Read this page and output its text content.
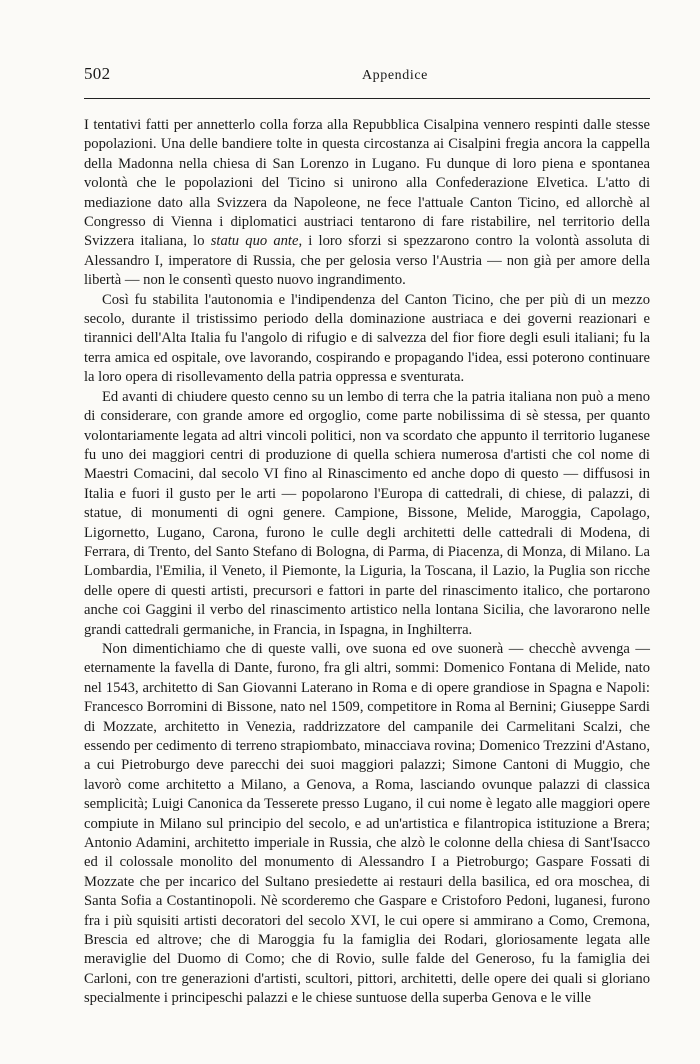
502	Appendice

I tentativi fatti per annetterlo colla forza alla Repubblica Cisalpina vennero respinti dalle stesse popolazioni. Una delle bandiere tolte in questa circostanza ai Cisalpini fregia ancora la cappella della Madonna nella chiesa di San Lorenzo in Lugano. Fu dunque di loro piena e spontanea volontà che le popolazioni del Ticino si unirono alla Confederazione Elvetica. L'atto di mediazione dato alla Svizzera da Napoleone, ne fece l'attuale Canton Ticino, ed allorchè al Congresso di Vienna i diplomatici austriaci tentarono di fare ristabilire, nel territorio della Svizzera italiana, lo statu quo ante, i loro sforzi si spezzarono contro la volontà assoluta di Alessandro I, imperatore di Russia, che per gelosia verso l'Austria — non già per amore della libertà — non le consentì questo nuovo ingrandimento.

Così fu stabilita l'autonomia e l'indipendenza del Canton Ticino, che per più di un mezzo secolo, durante il tristissimo periodo della dominazione austriaca e dei governi reazionari e tirannici dell'Alta Italia fu l'angolo di rifugio e di salvezza del fior fiore degli esuli italiani; fu la terra amica ed ospitale, ove lavorando, cospirando e propagando l'idea, essi poterono continuare la loro opera di risollevamento della patria oppressa e sventurata.

Ed avanti di chiudere questo cenno su un lembo di terra che la patria italiana non può a meno di considerare, con grande amore ed orgoglio, come parte nobilissima di sè stessa, per quanto volontariamente legata ad altri vincoli politici, non va scordato che appunto il territorio luganese fu uno dei maggiori centri di produzione di quella schiera numerosa d'artisti che col nome di Maestri Comacini, dal secolo VI fino al Rinascimento ed anche dopo di questo — diffusosi in Italia e fuori il gusto per le arti — popolarono l'Europa di cattedrali, di chiese, di palazzi, di statue, di monumenti di ogni genere. Campione, Bissone, Melide, Maroggia, Capolago, Ligornetto, Lugano, Carona, furono le culle degli architetti delle cattedrali di Modena, di Ferrara, di Trento, del Santo Stefano di Bologna, di Parma, di Piacenza, di Monza, di Milano. La Lombardia, l'Emilia, il Veneto, il Piemonte, la Liguria, la Toscana, il Lazio, la Puglia son ricche delle opere di questi artisti, precursori e fattori in parte del rinascimento italico, che portarono anche coi Gaggini il verbo del rinascimento artistico nella lontana Sicilia, che lavorarono nelle grandi cattedrali germaniche, in Francia, in Ispagna, in Inghilterra.

Non dimentichiamo che di queste valli, ove suona ed ove suonerà — checchè avvenga — eternamente la favella di Dante, furono, fra gli altri, sommi: Domenico Fontana di Melide, nato nel 1543, architetto di San Giovanni Laterano in Roma e di opere grandiose in Spagna e Napoli: Francesco Borromini di Bissone, nato nel 1509, competitore in Roma al Bernini; Giuseppe Sardi di Mozzate, architetto in Venezia, raddrizzatore del campanile dei Carmelitani Scalzi, che essendo per cedimento di terreno strapiombato, minacciava rovina; Domenico Trezzini d'Astano, a cui Pietroburgo deve parecchi dei suoi maggiori palazzi; Simone Cantoni di Muggio, che lavorò come architetto a Milano, a Genova, a Roma, lasciando ovunque palazzi di classica semplicità; Luigi Canonica da Tesserete presso Lugano, il cui nome è legato alle maggiori opere compiute in Milano sul principio del secolo, e ad un'artistica e filantropica istituzione a Brera; Antonio Adamini, architetto imperiale in Russia, che alzò le colonne della chiesa di Sant'Isacco ed il colossale monolito del monumento di Alessandro I a Pietroburgo; Gaspare Fossati di Mozzate che per incarico del Sultano presiedette ai restauri della basilica, ed ora moschea, di Santa Sofia a Costantinopoli. Nè scorderemo che Gaspare e Cristoforo Pedoni, luganesi, furono fra i più squisiti artisti decoratori del secolo XVI, le cui opere si ammirano a Como, Cremona, Brescia ed altrove; che di Maroggia fu la famiglia dei Rodari, gloriosamente legata alle meraviglie del Duomo di Como; che di Rovio, sulle falde del Generoso, fu la famiglia dei Carloni, con tre generazioni d'artisti, scultori, pittori, architetti, delle opere dei quali si gloriano specialmente i principeschi palazzi e le chiese suntuose della superba Genova e le ville
